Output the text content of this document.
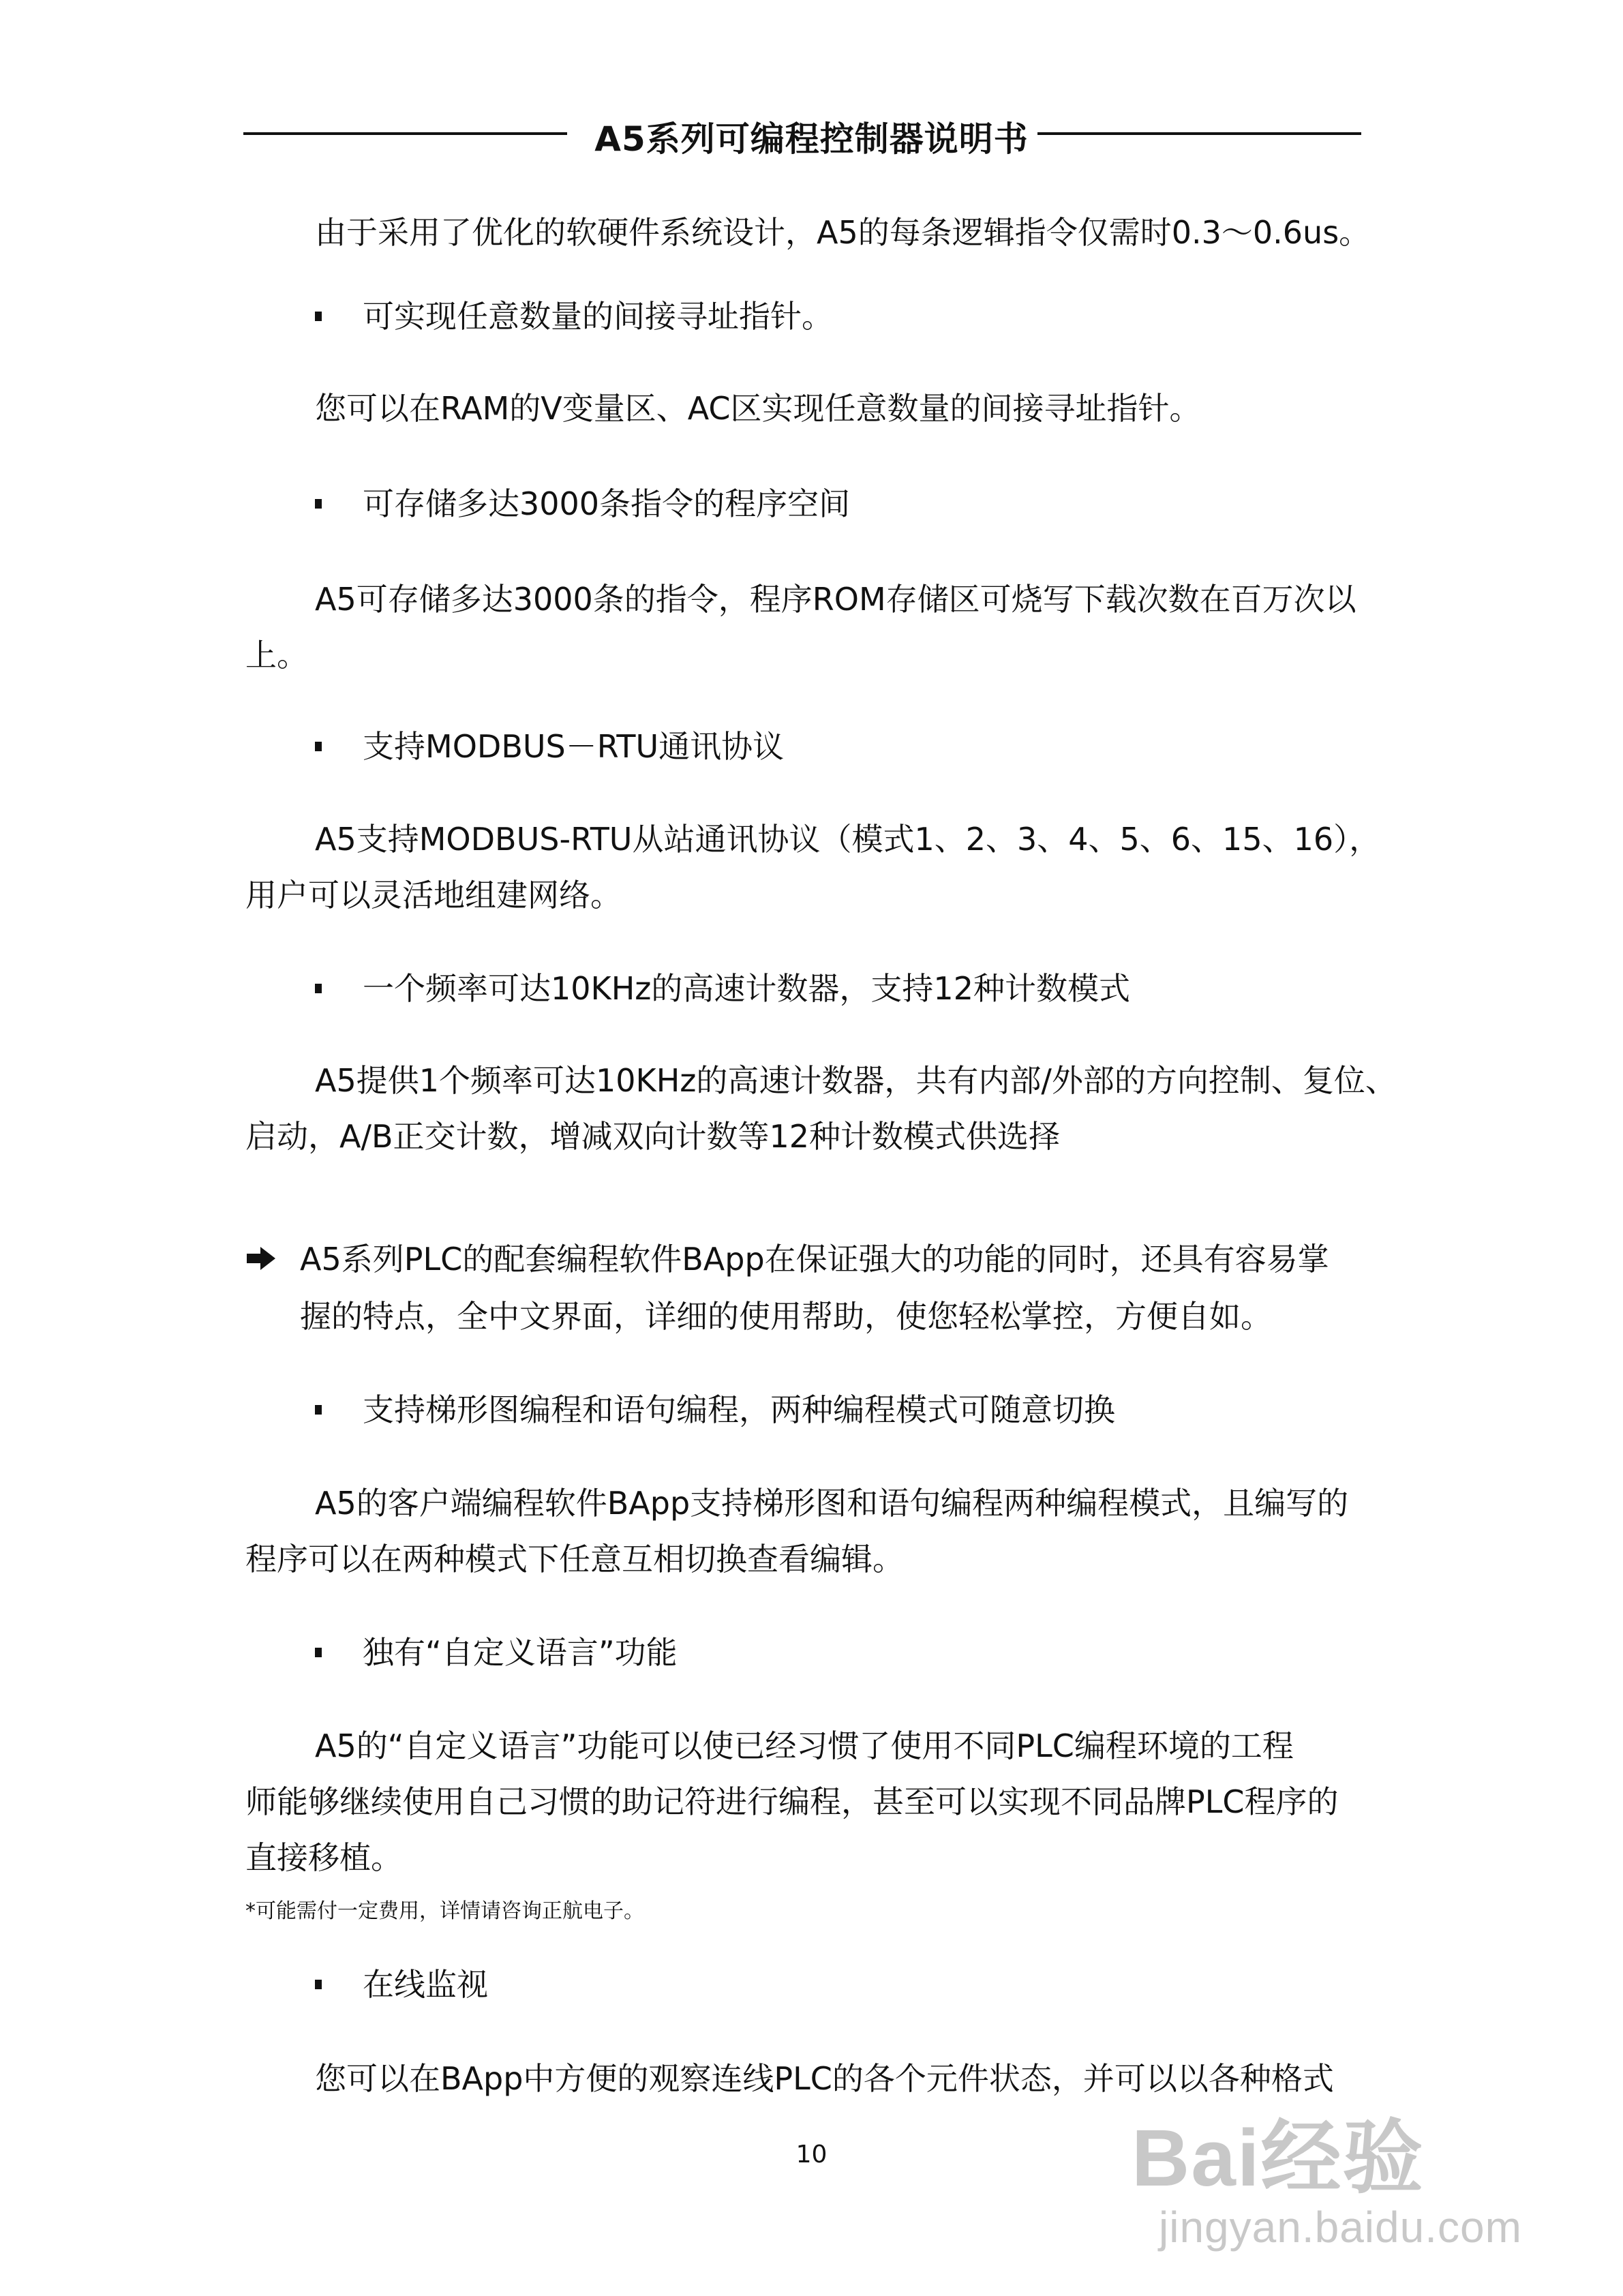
A5系列可编程控制器说明书
由于采用了优化的软硬件系统设计，A5的每条逻辑指令仅需时0.3～0.6us。
可实现任意数量的间接寻址指针。
您可以在RAM的V变量区、AC区实现任意数量的间接寻址指针。
可存储多达3000条指令的程序空间
A5可存储多达3000条的指令，程序ROM存储区可烧写下载次数在百万次以
上。
支持MODBUS－RTU通讯协议
A5支持MODBUS-RTU从站通讯协议（模式1、2、3、4、5、6、15、16），
用户可以灵活地组建网络。
一个频率可达10KHz的高速计数器，支持12种计数模式
A5提供1个频率可达10KHz的高速计数器，共有内部/外部的方向控制、复位、
启动，A/B正交计数，增减双向计数等12种计数模式供选择
A5系列PLC的配套编程软件BApp在保证强大的功能的同时，还具有容易掌
握的特点，全中文界面，详细的使用帮助，使您轻松掌控，方便自如。
支持梯形图编程和语句编程，两种编程模式可随意切换
A5的客户端编程软件BApp支持梯形图和语句编程两种编程模式，且编写的
程序可以在两种模式下任意互相切换查看编辑。
独有“自定义语言”功能
A5的“自定义语言”功能可以使已经习惯了使用不同PLC编程环境的工程
师能够继续使用自己习惯的助记符进行编程，甚至可以实现不同品牌PLC程序的
直接移植。
*可能需付一定费用，详情请咨询正航电子。
在线监视
您可以在BApp中方便的观察连线PLC的各个元件状态，并可以以各种格式
10	Bai经验
jingyan.baidu.com
